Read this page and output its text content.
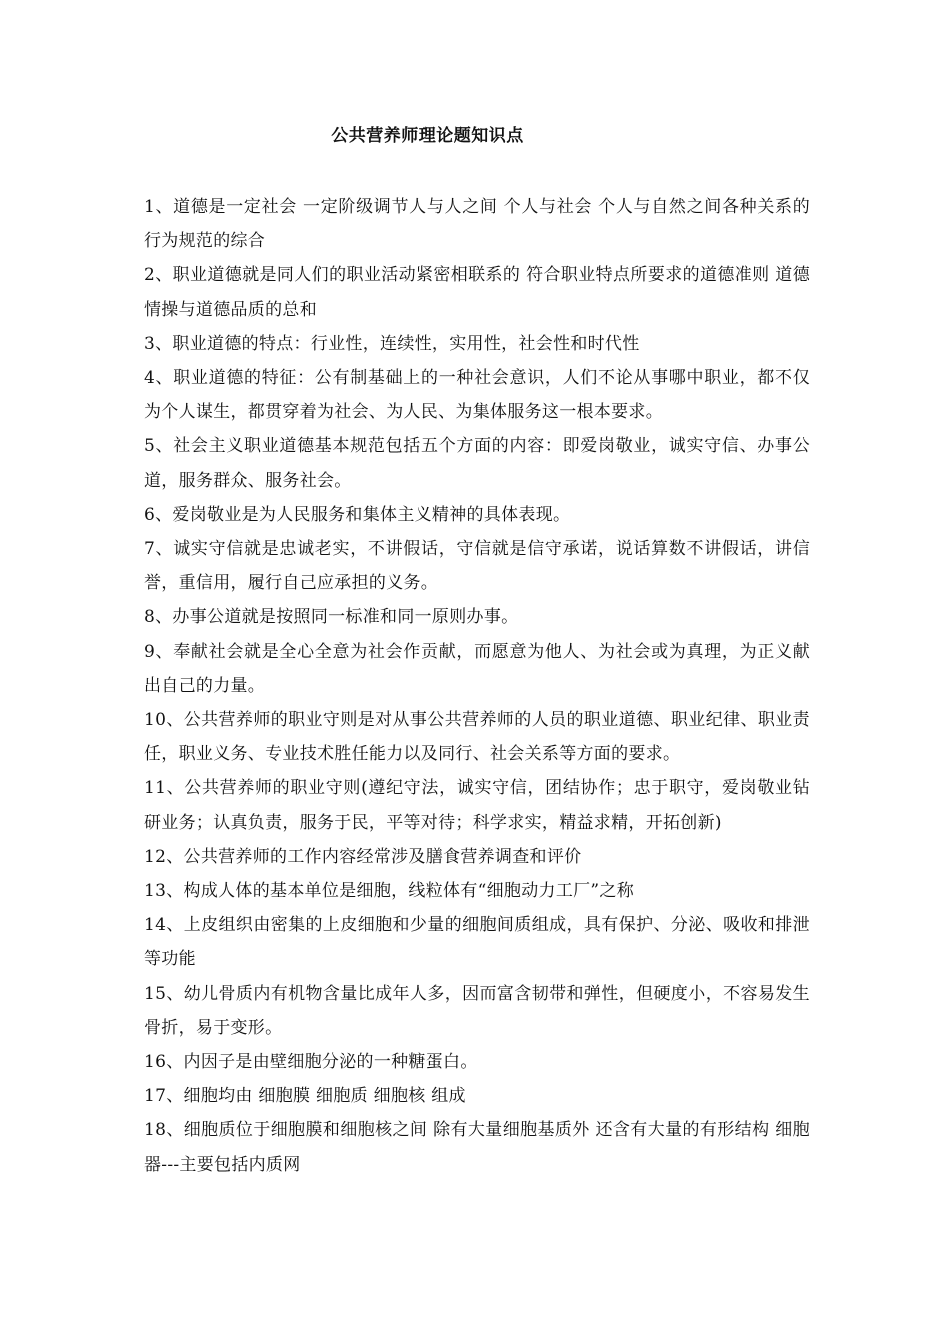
公共营养师理论题知识点

1、道德是一定社会 一定阶级调节人与人之间 个人与社会 个人与自然之间各种关系的行为规范的综合

2、职业道德就是同人们的职业活动紧密相联系的 符合职业特点所要求的道德准则 道德情操与道德品质的总和

3、职业道德的特点：行业性，连续性，实用性，社会性和时代性

4、职业道德的特征：公有制基础上的一种社会意识，人们不论从事哪中职业，都不仅为个人谋生，都贯穿着为社会、为人民、为集体服务这一根本要求。

5、社会主义职业道德基本规范包括五个方面的内容：即爱岗敬业，诚实守信、办事公道，服务群众、服务社会。

6、爱岗敬业是为人民服务和集体主义精神的具体表现。

7、诚实守信就是忠诚老实，不讲假话，守信就是信守承诺，说话算数不讲假话，讲信誉，重信用，履行自己应承担的义务。

8、办事公道就是按照同一标准和同一原则办事。

9、奉献社会就是全心全意为社会作贡献，而愿意为他人、为社会或为真理，为正义献出自己的力量。

10、公共营养师的职业守则是对从事公共营养师的人员的职业道德、职业纪律、职业责任，职业义务、专业技术胜任能力以及同行、社会关系等方面的要求。

11、公共营养师的职业守则(遵纪守法，诚实守信，团结协作；忠于职守，爱岗敬业钻研业务；认真负责，服务于民，平等对待；科学求实，精益求精，开拓创新)

12、公共营养师的工作内容经常涉及膳食营养调查和评价

13、构成人体的基本单位是细胞，线粒体有“细胞动力工厂”之称

14、上皮组织由密集的上皮细胞和少量的细胞间质组成，具有保护、分泌、吸收和排泄等功能

15、幼儿骨质内有机物含量比成年人多，因而富含韧带和弹性，但硬度小，不容易发生骨折，易于变形。

16、内因子是由壁细胞分泌的一种糖蛋白。

17、细胞均由 细胞膜 细胞质 细胞核 组成

18、细胞质位于细胞膜和细胞核之间 除有大量细胞基质外 还含有大量的有形结构 细胞器---主要包括内质网
